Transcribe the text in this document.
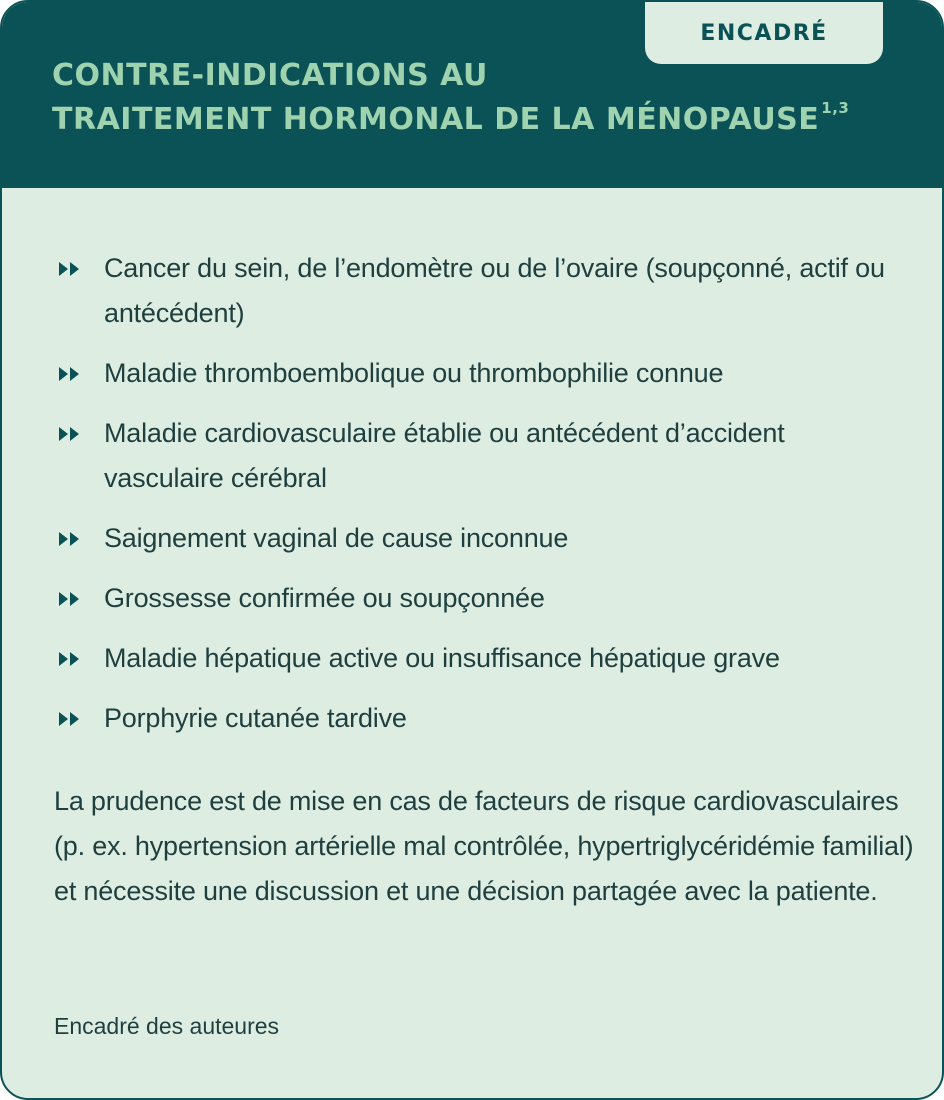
ENCADRÉ
CONTRE-INDICATIONS AU
TRAITEMENT HORMONAL DE LA MÉNOPAUSE $^{1,3}$
Cancer du sein, de l’endomètre ou de l’ovaire (soupçonné, actif ou antécédent)
Maladie thromboembolique ou thrombophilie connue
Maladie cardiovasculaire établie ou antécédent d’accident vasculaire cérébral
Saignement vaginal de cause inconnue
Grossesse confirmée ou soupçonnée
Maladie hépatique active ou insuffisance hépatique grave
Porphyrie cutanée tardive

La prudence est de mise en cas de facteurs de risque cardiovasculaires (p. ex. hypertension artérielle mal contrôlée, hypertriglycéridémie familial) et nécessite une discussion et une décision partagée avec la patiente.

Encadré des auteures
